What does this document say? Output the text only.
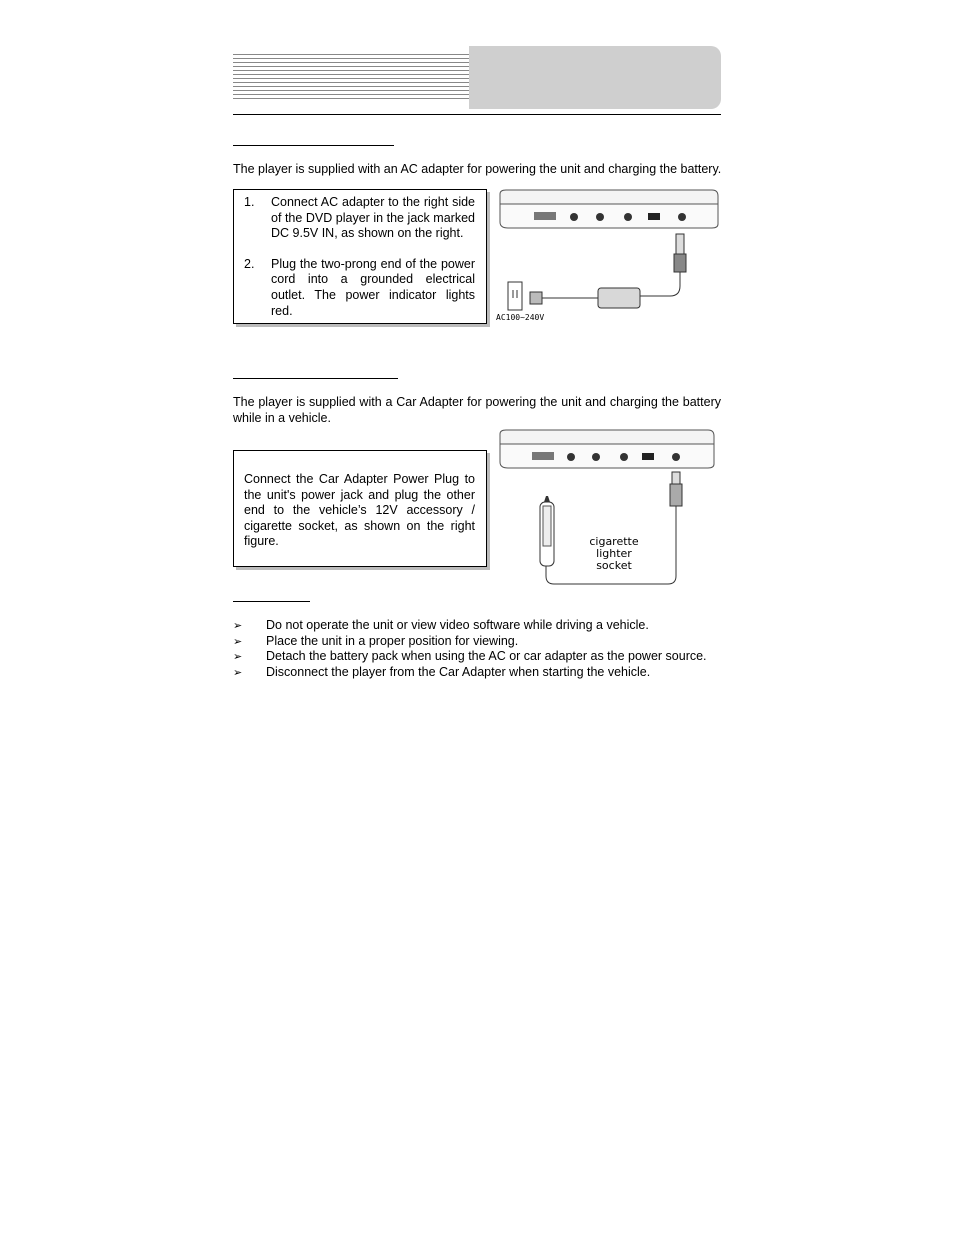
The player is supplied with an AC adapter for powering the unit and charging the battery.
1.	Connect AC adapter to the right side of the DVD player in the jack marked DC 9.5V IN, as shown on the right.
2.	Plug the two-prong end of the power cord into a grounded electrical outlet. The power indicator lights red.	AC100~240V
The player is supplied with a Car Adapter for powering the unit and charging the battery while in a vehicle.
Connect the Car Adapter Power Plug to the unit's power jack and plug the other end to the vehicle’s 12V accessory / cigarette socket, as shown on the right figure.	cigarette
lighter
socket
➢	Do not operate the unit or view video software while driving a vehicle.
➢	Place the unit in a proper position for viewing.
➢	Detach the battery pack when using the AC or car adapter as the power source.
➢	Disconnect the player from the Car Adapter when starting the vehicle.
